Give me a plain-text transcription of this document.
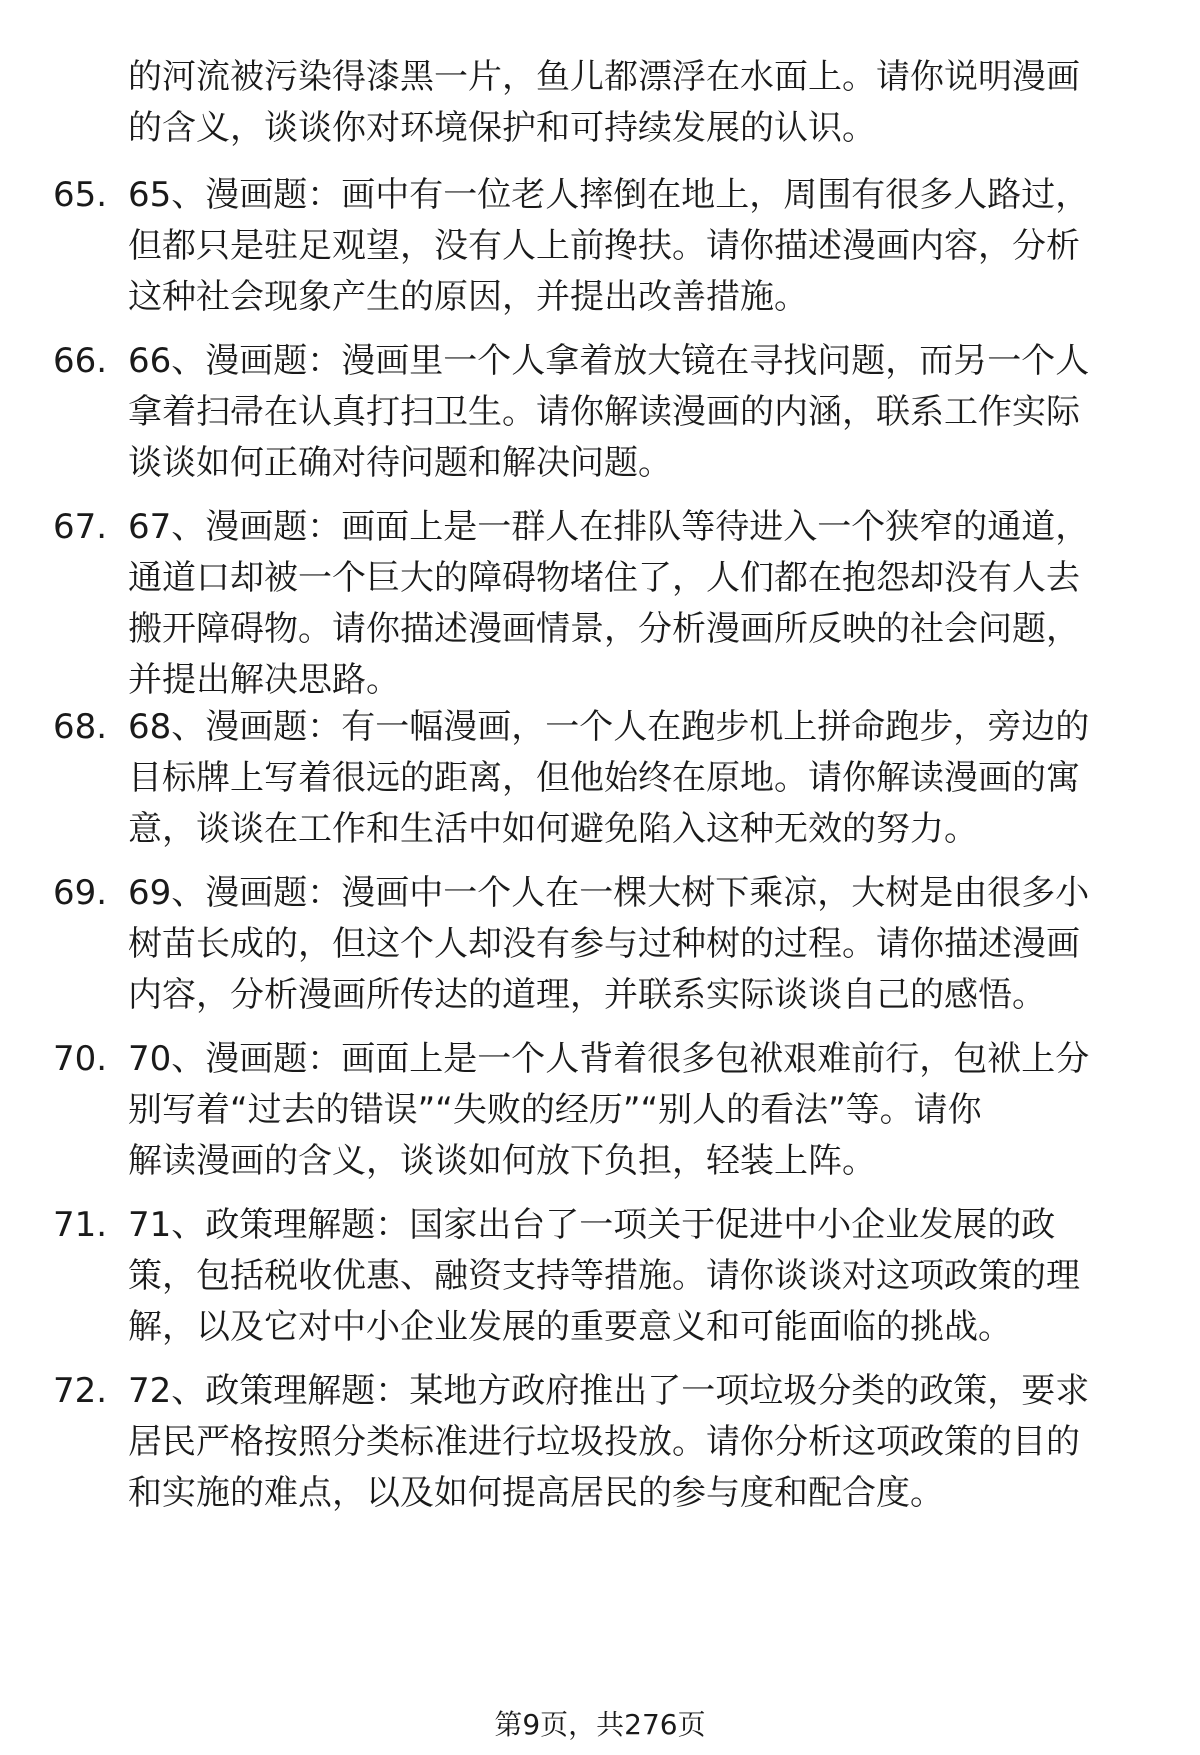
的河流被污染得漆黑一片，鱼儿都漂浮在水面上。请你说明漫画
的含义，谈谈你对环境保护和可持续发展的认识。
65. 65、漫画题：画中有一位老人摔倒在地上，周围有很多人路过，
但都只是驻足观望，没有人上前搀扶。请你描述漫画内容，分析
这种社会现象产生的原因，并提出改善措施。
66. 66、漫画题：漫画里一个人拿着放大镜在寻找问题，而另一个人
拿着扫帚在认真打扫卫生。请你解读漫画的内涵，联系工作实际
谈谈如何正确对待问题和解决问题。
67. 67、漫画题：画面上是一群人在排队等待进入一个狭窄的通道，
通道口却被一个巨大的障碍物堵住了，人们都在抱怨却没有人去
搬开障碍物。请你描述漫画情景，分析漫画所反映的社会问题，
并提出解决思路。
68. 68、漫画题：有一幅漫画，一个人在跑步机上拼命跑步，旁边的
目标牌上写着很远的距离，但他始终在原地。请你解读漫画的寓
意，谈谈在工作和生活中如何避免陷入这种无效的努力。
69. 69、漫画题：漫画中一个人在一棵大树下乘凉，大树是由很多小
树苗长成的，但这个人却没有参与过种树的过程。请你描述漫画
内容，分析漫画所传达的道理，并联系实际谈谈自己的感悟。
70. 70、漫画题：画面上是一个人背着很多包袱艰难前行，包袱上分
别写着“过去的错误”“失败的经历”“别人的看法”等。请你
解读漫画的含义，谈谈如何放下负担，轻装上阵。
71. 71、政策理解题：国家出台了一项关于促进中小企业发展的政
策，包括税收优惠、融资支持等措施。请你谈谈对这项政策的理
解，以及它对中小企业发展的重要意义和可能面临的挑战。
72. 72、政策理解题：某地方政府推出了一项垃圾分类的政策，要求
居民严格按照分类标准进行垃圾投放。请你分析这项政策的目的
和实施的难点，以及如何提高居民的参与度和配合度。
第9页，共276页
